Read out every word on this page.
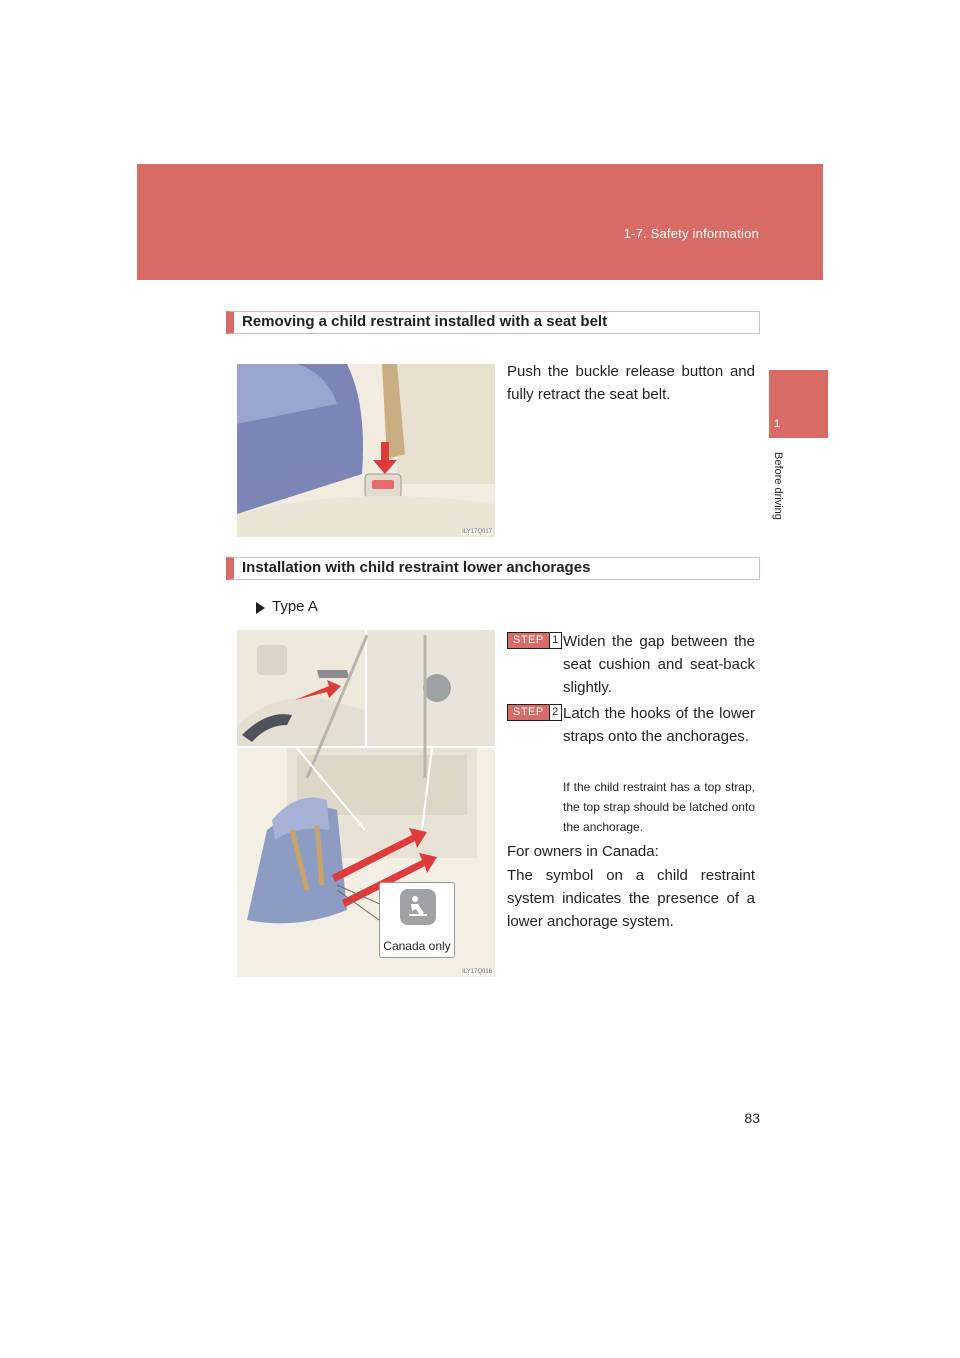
1-7. Safety information
1
Before driving
Removing a child restraint installed with a seat belt
ILY17Q017
Push the buckle release button and fully retract the seat belt.
Installation with child restraint lower anchorages
Type A
ILY17Q016
Canada only
STEP 1 Widen the gap between the seat cushion and seat-back slightly.
STEP 2 Latch the hooks of the lower straps onto the anchorages.
If the child restraint has a top strap, the top strap should be latched onto the anchorage.
For owners in Canada:
The symbol on a child restraint system indicates the presence of a lower anchorage system.
83
